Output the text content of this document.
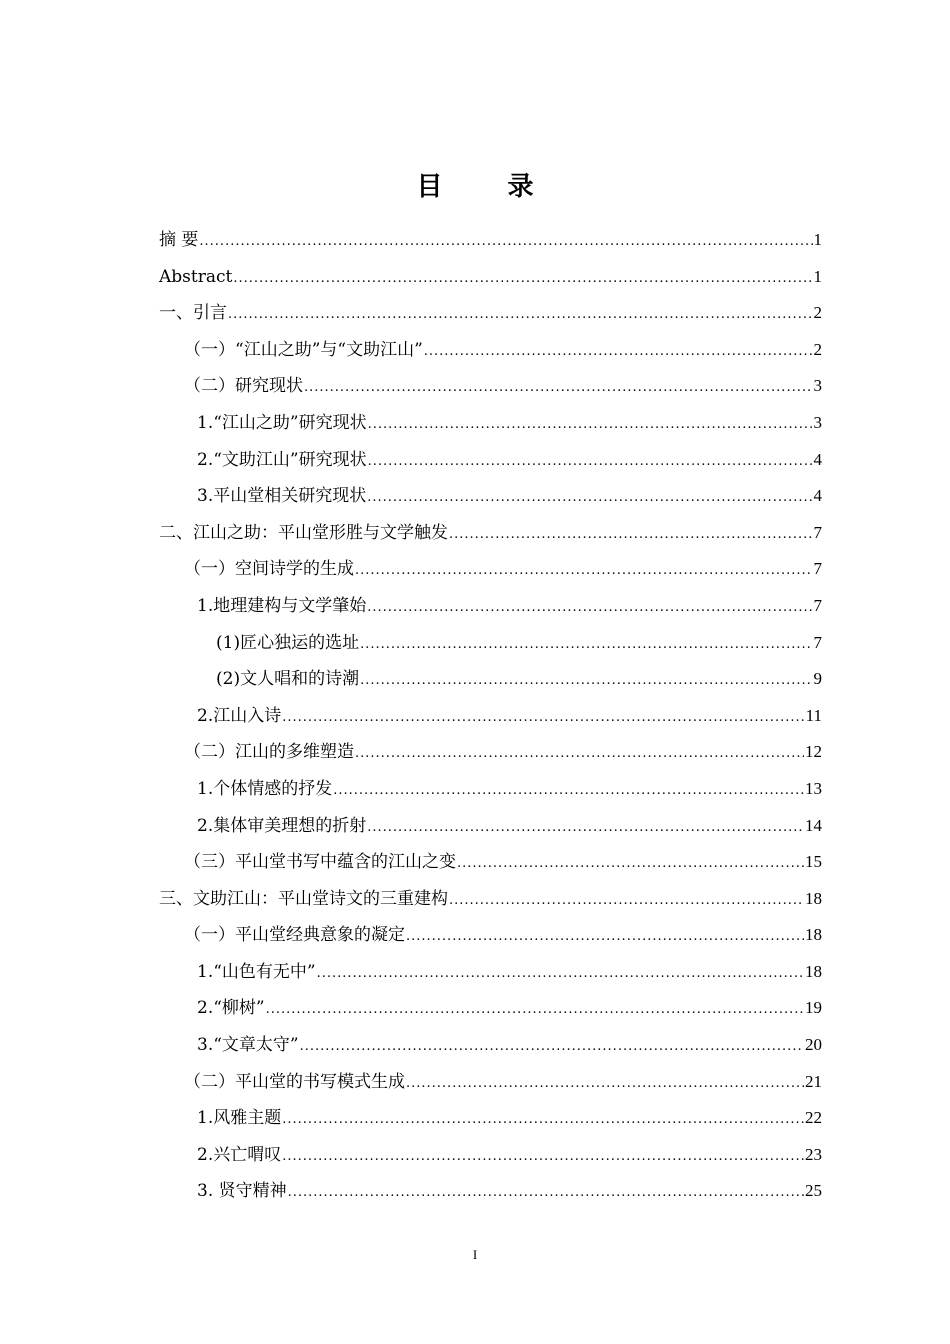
目 录
摘 要 .....	1
Abstract .....	1
一、引言 .....	2
（一）“江山之助”与“文助江山” .....	2
（二）研究现状 .....	3
1.“江山之助”研究现状 .....	3
2.“文助江山”研究现状 .....	4
3.平山堂相关研究现状 .....	4
二、江山之助：平山堂形胜与文学触发 .....	7
（一）空间诗学的生成 .....	7
1.地理建构与文学肇始 .....	7
(1)匠心独运的选址 .....	7
(2)文人唱和的诗潮 .....	9
2.江山入诗 .....	11
（二）江山的多维塑造 .....	12
1.个体情感的抒发 .....	13
2.集体审美理想的折射 .....	14
（三）平山堂书写中蕴含的江山之变 .....	15
三、文助江山：平山堂诗文的三重建构 .....	18
（一）平山堂经典意象的凝定 .....	18
1.“山色有无中” .....	18
2.“柳树” .....	19
3.“文章太守” .....	20
（二）平山堂的书写模式生成 .....	21
1.风雅主题 .....	22
2.兴亡喟叹 .....	23
3. 贤守精神 .....	25
I
